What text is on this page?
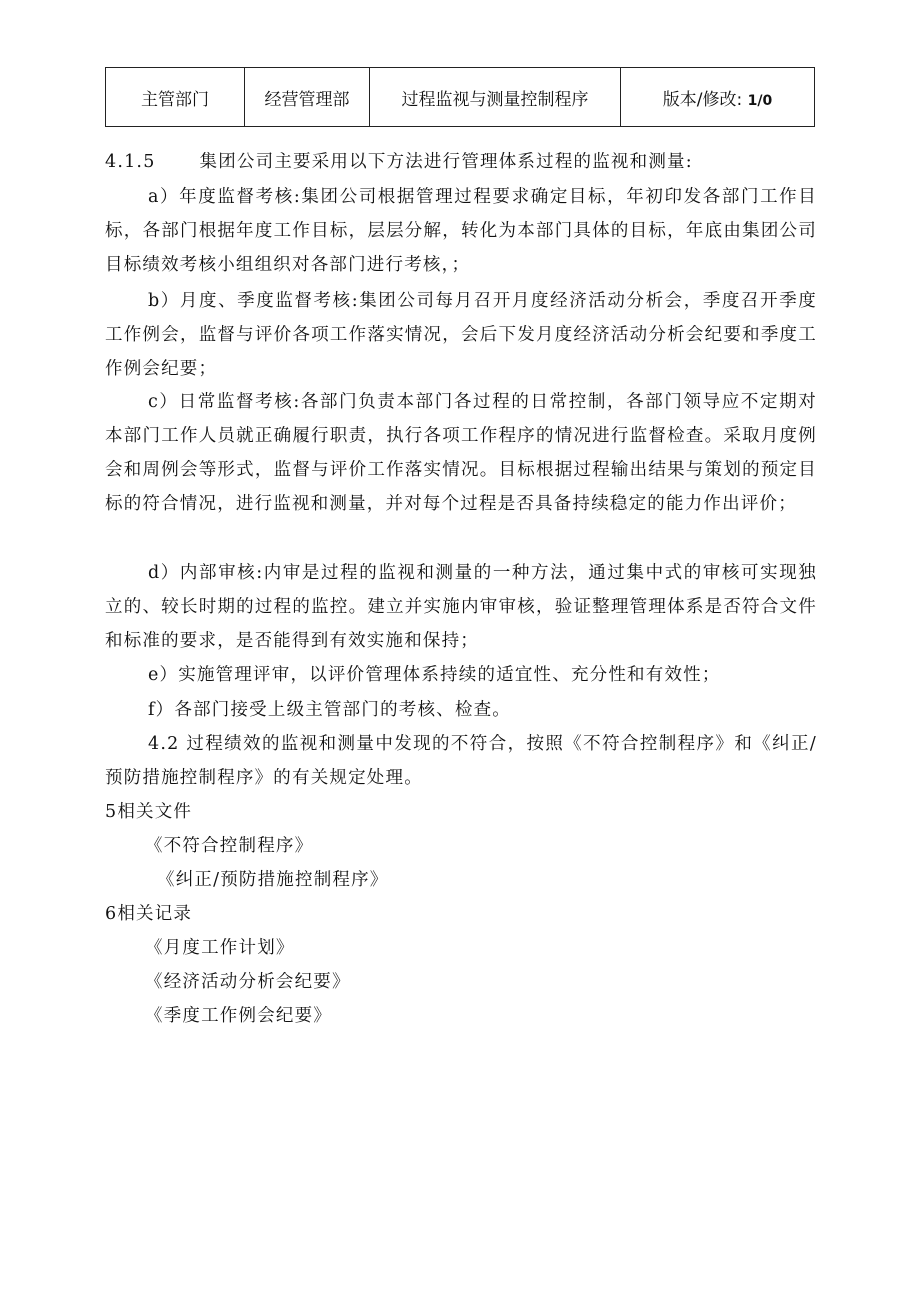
主管部门	经营管理部	过程监视与测量控制程序	版本/修改: 1/0

4.1.5	集团公司主要采用以下方法进行管理体系过程的监视和测量:

a）年度监督考核:集团公司根据管理过程要求确定目标，年初印发各部门工作目标，各部门根据年度工作目标，层层分解，转化为本部门具体的目标，年底由集团公司目标绩效考核小组组织对各部门进行考核，；

b）月度、季度监督考核:集团公司每月召开月度经济活动分析会，季度召开季度工作例会，监督与评价各项工作落实情况，会后下发月度经济活动分析会纪要和季度工作例会纪要；

c）日常监督考核:各部门负责本部门各过程的日常控制，各部门领导应不定期对本部门工作人员就正确履行职责，执行各项工作程序的情况进行监督检查。采取月度例会和周例会等形式，监督与评价工作落实情况。目标根据过程输出结果与策划的预定目标的符合情况，进行监视和测量，并对每个过程是否具备持续稳定的能力作出评价；

d）内部审核:内审是过程的监视和测量的一种方法，通过集中式的审核可实现独立的、较长时期的过程的监控。建立并实施内审审核，验证整理管理体系是否符合文件和标准的要求，是否能得到有效实施和保持；

e）实施管理评审，以评价管理体系持续的适宜性、充分性和有效性；

f）各部门接受上级主管部门的考核、检查。

4.2 过程绩效的监视和测量中发现的不符合，按照《不符合控制程序》和《纠正/预防措施控制程序》的有关规定处理。

5相关文件

《不符合控制程序》

《纠正/预防措施控制程序》

6相关记录

《月度工作计划》

《经济活动分析会纪要》

《季度工作例会纪要》
